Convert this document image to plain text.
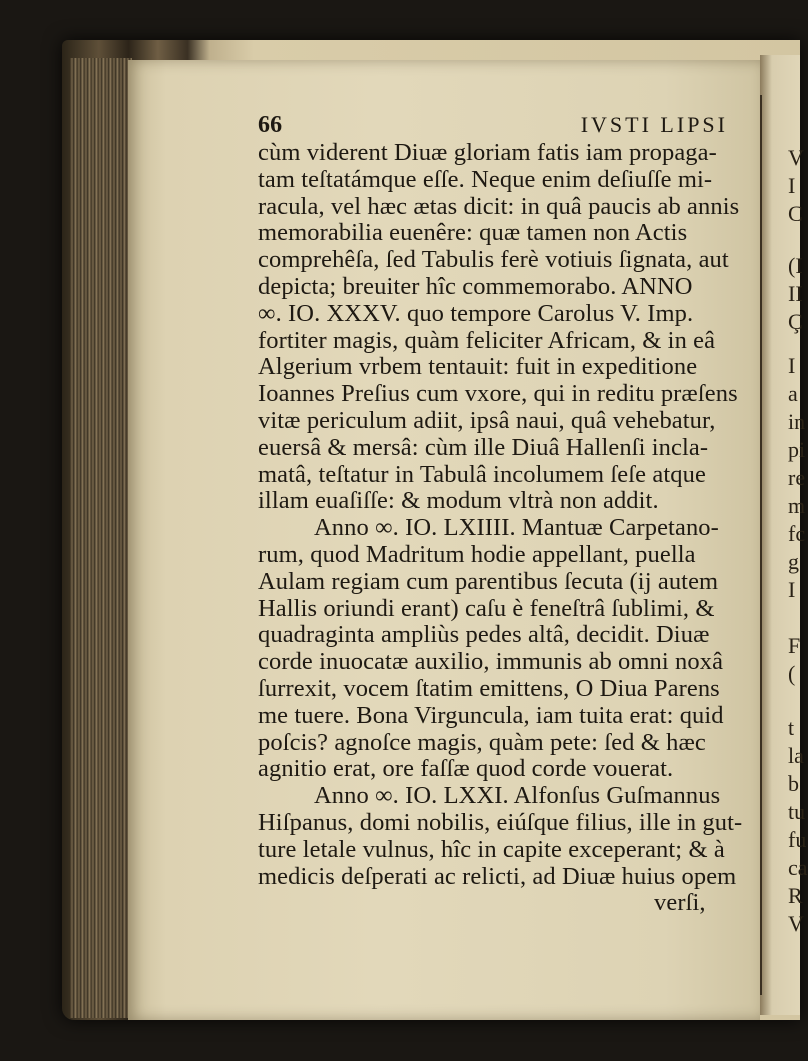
V
I
C
(I
II
Ç
I
a
in
pi
re
m
fc
g
I
F
(
t
la
b
tu
fu
ca
R
V
66	IVSTI LIPSI
cùm viderent Diuæ gloriam fatis iam propaga-
tam teſtatámque eſſe. Neque enim deſiuſſe mi-
racula, vel hæc ætas dicit: in quâ paucis ab annis
memorabilia euenêre: quæ tamen non Actis
comprehêſa, ſed Tabulis ferè votiuis ſignata, aut
depicta; breuiter hîc commemorabo. ANNO
∞. IO. XXXV. quo tempore Carolus V. Imp.
fortiter magis, quàm feliciter Africam, & in eâ
Algerium vrbem tentauit: fuit in expeditione
Ioannes Preſius cum vxore, qui in reditu præſens
vitæ periculum adiit, ipsâ naui, quâ vehebatur,
euersâ & mersâ: cùm ille Diuâ Hallenſi incla-
matâ, teſtatur in Tabulâ incolumem ſeſe atque
illam euaſiſſe: & modum vltrà non addit.
Anno ∞. IO. LXIIII. Mantuæ Carpetano-
rum, quod Madritum hodie appellant, puella
Aulam regiam cum parentibus ſecuta (ij autem
Hallis oriundi erant) caſu è feneſtrâ ſublimi, &
quadraginta ampliùs pedes altâ, decidit. Diuæ
corde inuocatæ auxilio, immunis ab omni noxâ
ſurrexit, vocem ſtatim emittens, O Diua Parens
me tuere. Bona Virguncula, iam tuita erat: quid
poſcis? agnoſce magis, quàm pete: ſed & hæc
agnitio erat, ore faſſæ quod corde vouerat.
Anno ∞. IO. LXXI. Alfonſus Guſmannus
Hiſpanus, domi nobilis, eiúſque filius, ille in gut-
ture letale vulnus, hîc in capite exceperant; & à
medicis deſperati ac relicti, ad Diuæ huius opem
verſi,
